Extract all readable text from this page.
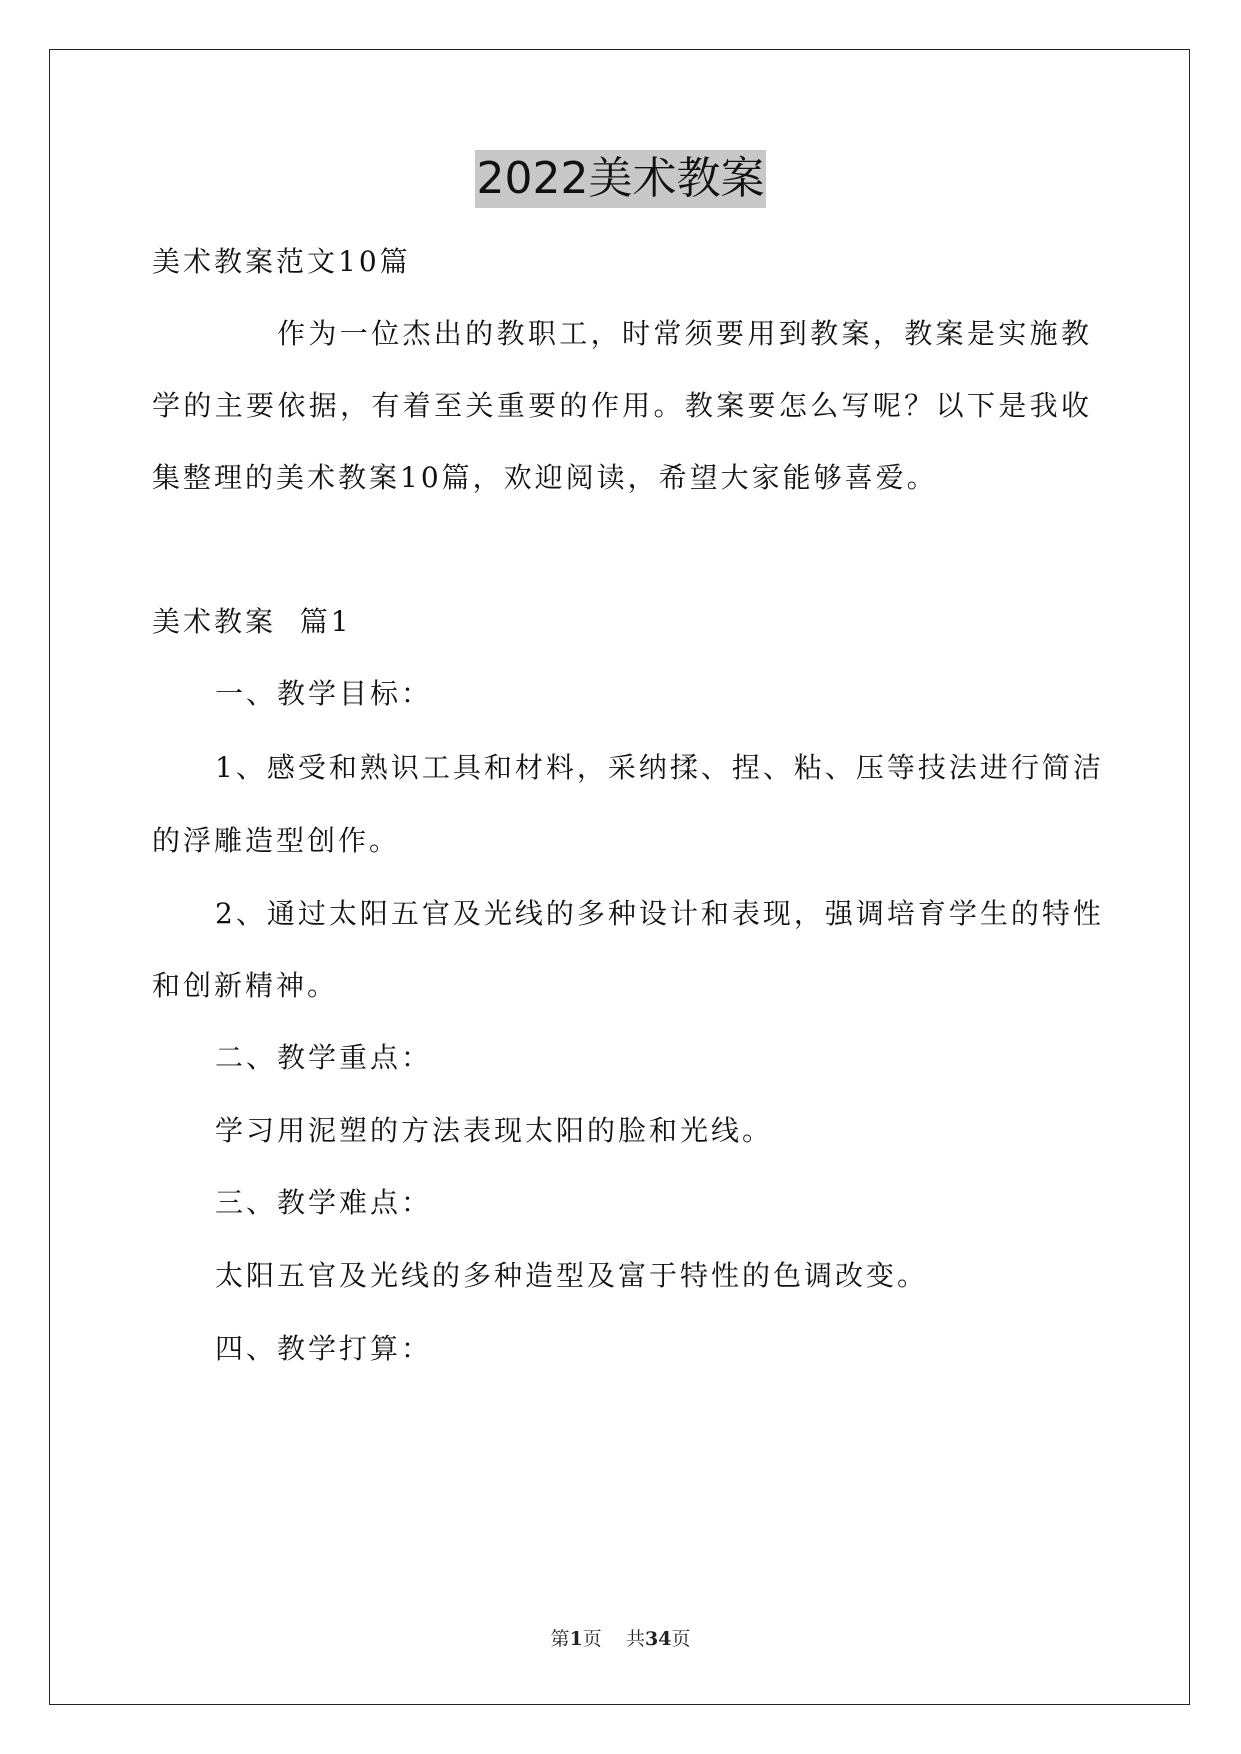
2022美术教案
美术教案范文10篇
作为一位杰出的教职工，时常须要用到教案，教案是实施教
学的主要依据，有着至关重要的作用。教案要怎么写呢？以下是我收
集整理的美术教案10篇，欢迎阅读，希望大家能够喜爱。
美术教案  篇1
一、教学目标：
1、感受和熟识工具和材料，采纳揉、捏、粘、压等技法进行简洁
的浮雕造型创作。
2、通过太阳五官及光线的多种设计和表现，强调培育学生的特性
和创新精神。
二、教学重点：
学习用泥塑的方法表现太阳的脸和光线。
三、教学难点：
太阳五官及光线的多种造型及富于特性的色调改变。
四、教学打算：
第1页 共34页
